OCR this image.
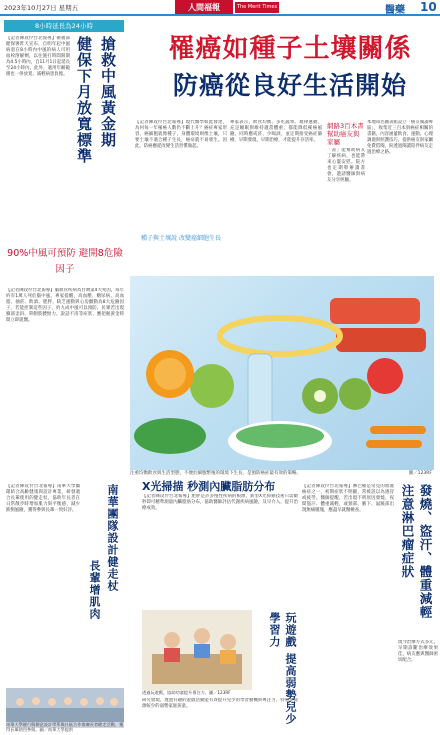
2023年10月27日 星期五	人間福報	The Merit Times	醫藥 10
8小時延長為24小時
搶救中風黃金期
健保下月放寬標準
【記者陳玟伶台北報導】衛福部健保署昨天宣布，自明年起中風病患在8小時內中風的病人可用血栓溶解劑，以往施打時間限制為4.5小時內，自11月1日起延長至24小時內。此外，適用年齡範圍也一併放寬，減輕病患負擔。
90%中風可預防 避開8危險因子
【記者陳玟伶台北報導】腦血管疾病為台灣第4大死因，每年約有1萬人死於腦中風。專家提醒，高血壓、糖尿病、高血脂、抽菸、飲酒、肥胖、缺乏運動與心房顫動為8大危險因子，若能控制這些因子，約九成中風可以預防。民眾若出現臉部歪斜、單側肢體無力、說話不清等症狀，應把握黃金時間立即就醫。
罹癌如種子土壤關係
防癌從良好生活開始
【記者陳玟伶台北報導】現代醫學如此發達，為何每一年罹癌人數仍不斷上升？癌症專家形容，癌細胞就像種子，身體環境則像土壤，只要土壤不適合種子生長，癌症就不易發生。因此，防癌應從改變生活習慣做起。
專家表示，飲食均衡、多吃蔬果、規律運動、充足睡眠與維持適當體重，都能降低罹癌風險。同時應戒菸、少喝酒，並定期接受癌症篩檢，早期發現、早期治療，才能提升存活率。
種子與土壤說 改變癌細胞生長
網路3百本書 幫助癌友與家屬
本地知名圖書館設立「癌友閱讀專區」，收集近三百本與癌症相關的書籍，內容涵蓋飲食、運動、心理調適與照護技巧，提供癌友與家屬免費借閱，盼透過閱讀陪伴病友走過治療之路。
「書」能幫助病友了解疾病，也能帶來心靈安慰。院方也定期舉辦讀書會，邀請醫師與病友分享經驗。
注重均衡飲食與生活型態，不便於細胞繁殖的環境下生長，是預防癌症最有效的策略。	圖／123RF
南華團隊設計健走杖
長輩增肌肉
【記者陳玟伶台北報導】南華大學團隊結合高齡健康與設計專業，研發適合長輩使用的健走杖，協助年長者在日常散步時增加肌力與平衡感，減少跌倒風險，獲得參與長輩一致好評。
南華大學健行與創意設計學系與社區合作推廣長者健走活動，獲得長輩熱烈參與。圖／南華大學提供
X光掃描 秒測內臟脂肪分布
【記者陳玟伶台北報導】肥胖是許多慢性疾病的根源，新型X光掃描技術只需數秒即可精準測量內臟脂肪分布，協助醫師評估代謝疾病風險，及早介入，提升治療成效。
透過玩遊戲，協助幼童提升專注力。圖／123RF	玩遊戲 提高弱勢兒少學習力
研究發現，透過有趣的遊戲活動能有效提升兒少的學習動機與專注力，特別是資源較少的弱勢家庭孩童。
發燒、盜汗、體重減輕
注意淋巴瘤症狀
【記者陳玟伶台北報導】淋巴瘤是常見的血液癌症之一，初期症狀不明顯，常被誤以為感冒或疲勞。醫師提醒，若出現不明原因發燒、夜間盜汗、體重減輕，或頸部、腋下、鼠蹊部出現無痛腫塊，應盡早就醫檢查。
現今治療方式多元，早期診斷治療效果佳，病友應與醫師密切配合。
